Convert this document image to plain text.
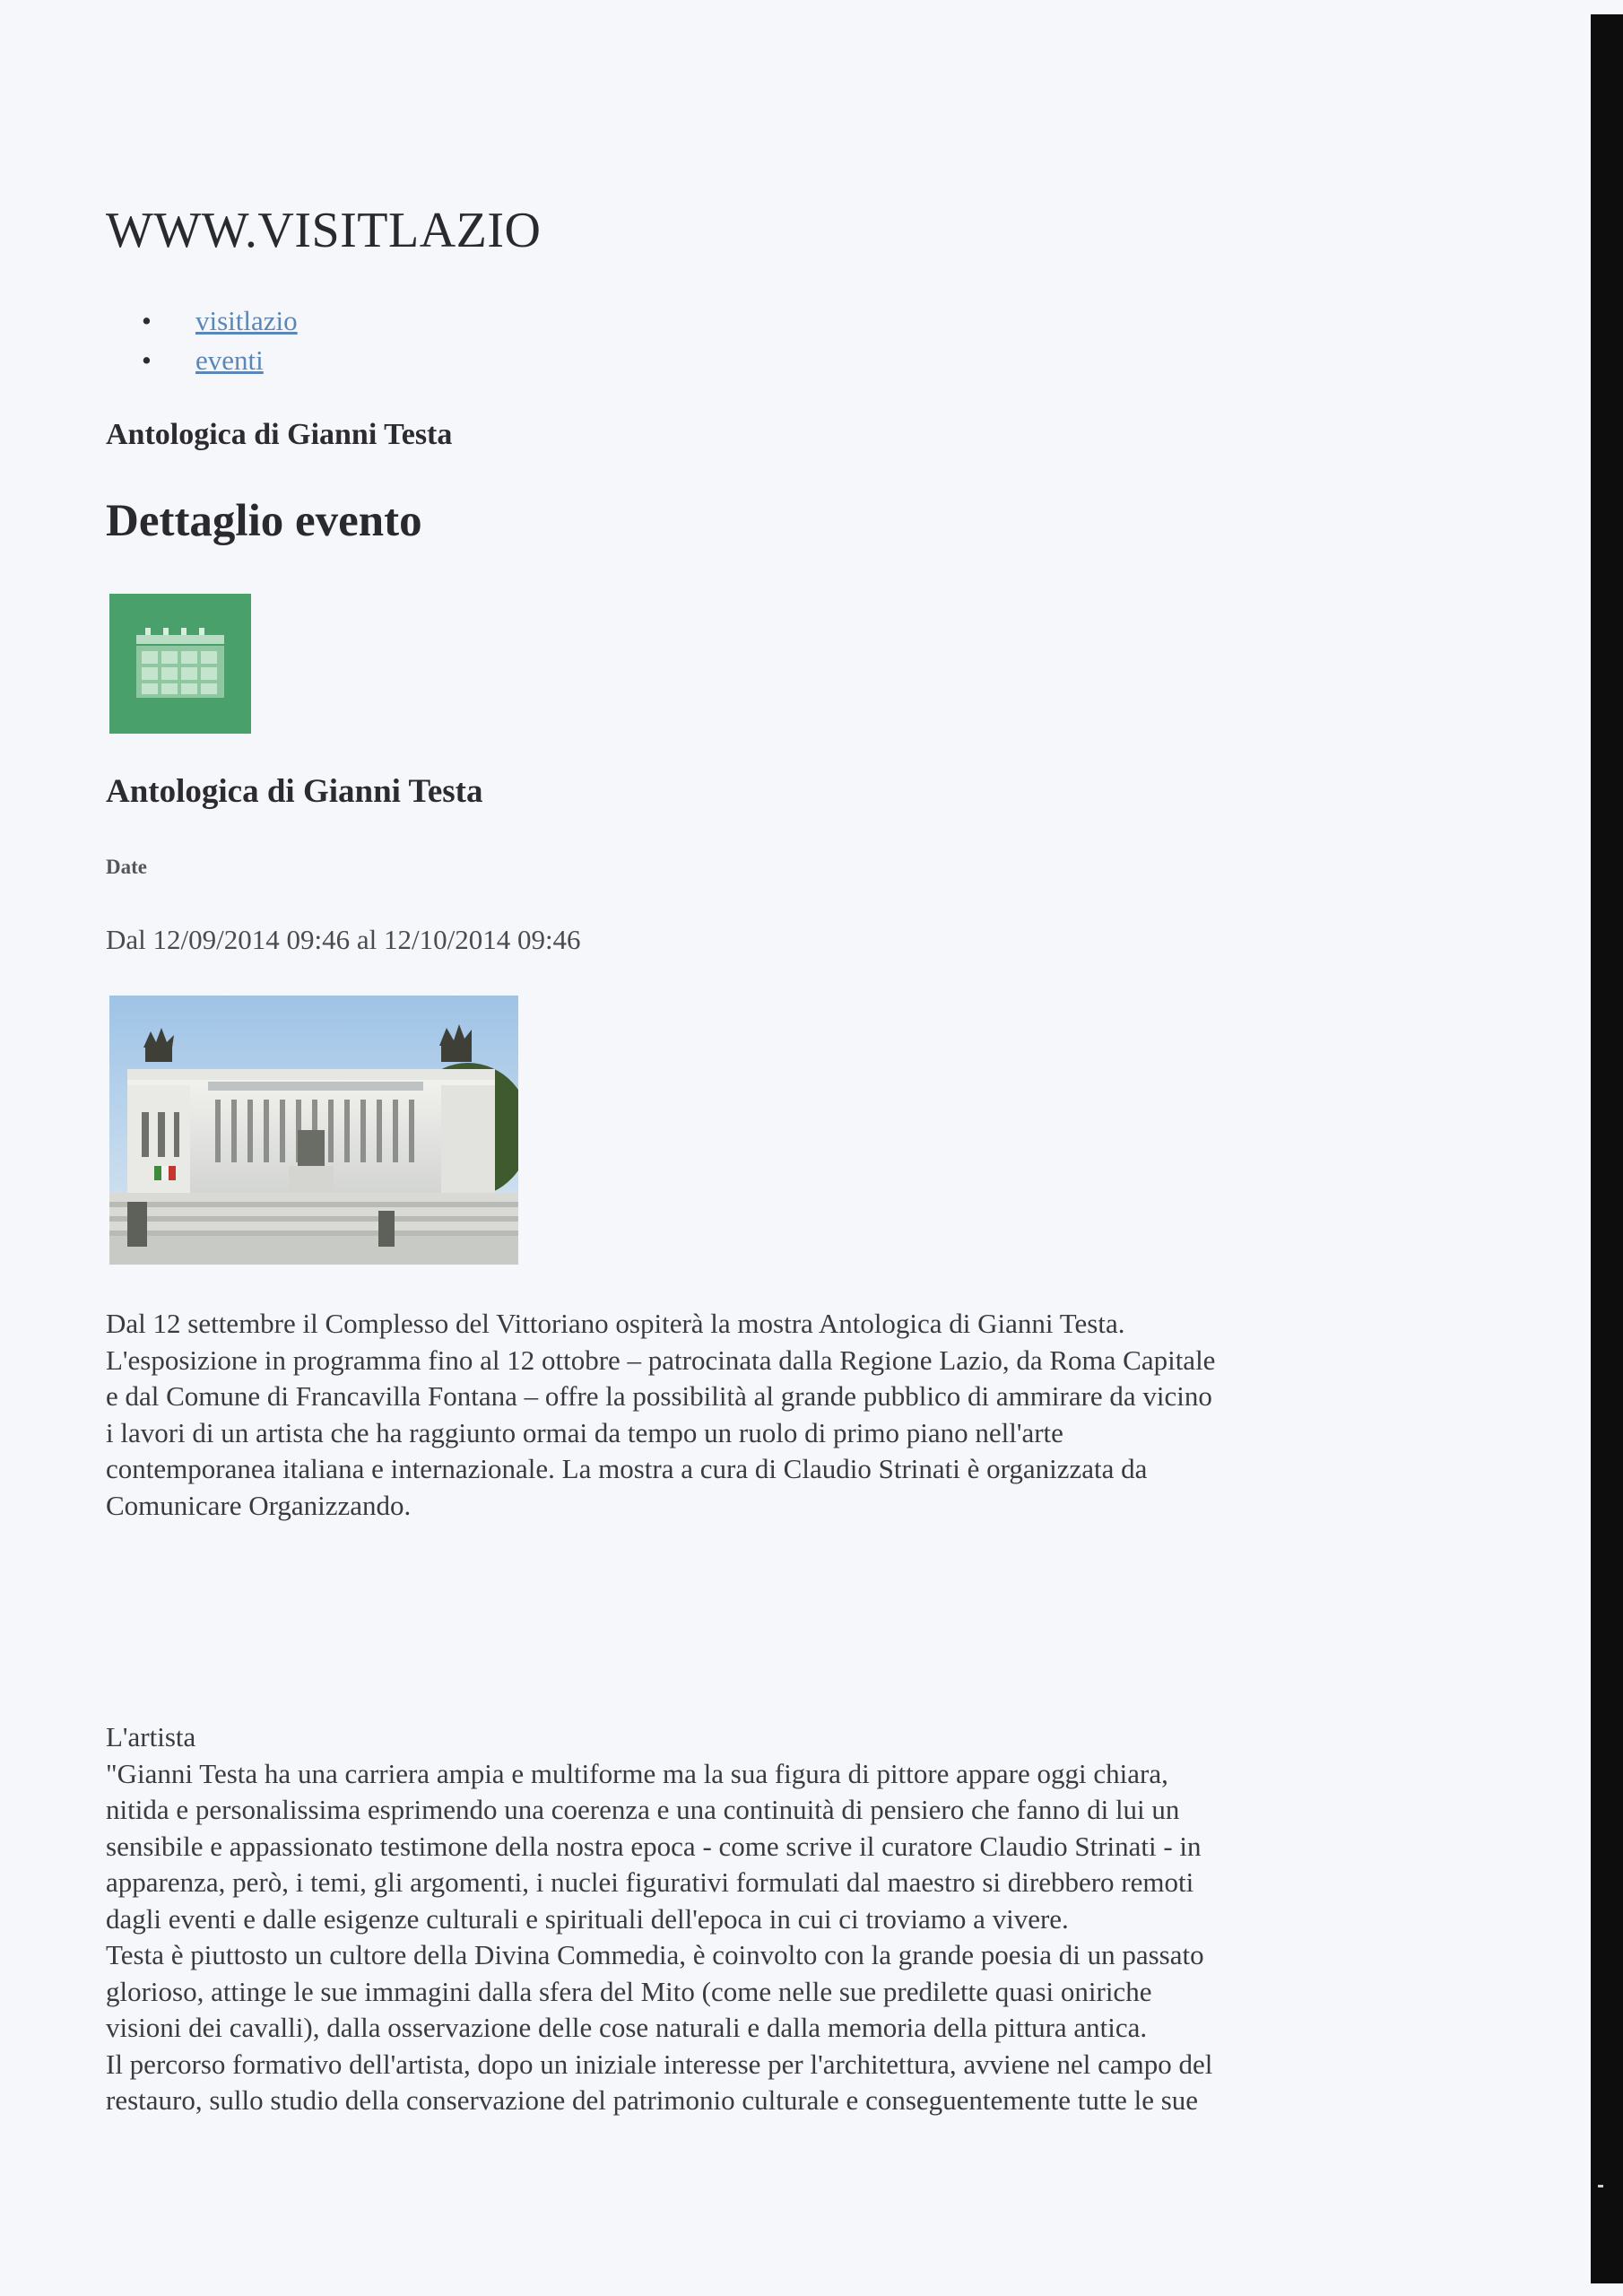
WWW.VISITLAZIO
• visitlazio
• eventi
Antologica di Gianni Testa
Dettaglio evento
Antologica di Gianni Testa

Date

Dal 12/09/2014 09:46 al 12/10/2014 09:46

Dal 12 settembre il Complesso del Vittoriano ospiterà la mostra Antologica di Gianni Testa.
L'esposizione in programma fino al 12 ottobre – patrocinata dalla Regione Lazio, da Roma Capitale
e dal Comune di Francavilla Fontana – offre la possibilità al grande pubblico di ammirare da vicino
i lavori di un artista che ha raggiunto ormai da tempo un ruolo di primo piano nell'arte
contemporanea italiana e internazionale. La mostra a cura di Claudio Strinati è organizzata da
Comunicare Organizzando.
L'artista
"Gianni Testa ha una carriera ampia e multiforme ma la sua figura di pittore appare oggi chiara,
nitida e personalissima esprimendo una coerenza e una continuità di pensiero che fanno di lui un
sensibile e appassionato testimone della nostra epoca - come scrive il curatore Claudio Strinati - in
apparenza, però, i temi, gli argomenti, i nuclei figurativi formulati dal maestro si direbbero remoti
dagli eventi e dalle esigenze culturali e spirituali dell'epoca in cui ci troviamo a vivere.
Testa è piuttosto un cultore della Divina Commedia, è coinvolto con la grande poesia di un passato
glorioso, attinge le sue immagini dalla sfera del Mito (come nelle sue predilette quasi oniriche
visioni dei cavalli), dalla osservazione delle cose naturali e dalla memoria della pittura antica.
Il percorso formativo dell'artista, dopo un iniziale interesse per l'architettura, avviene nel campo del
restauro, sullo studio della conservazione del patrimonio culturale e conseguentemente tutte le sue
